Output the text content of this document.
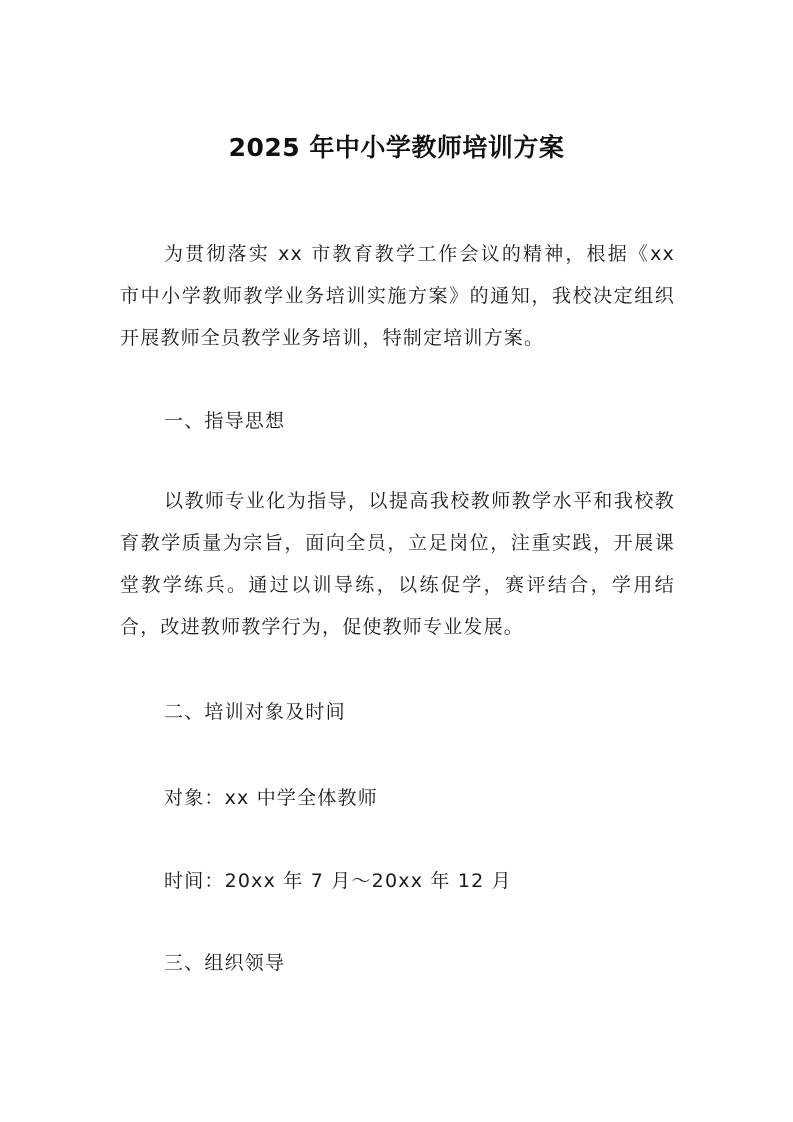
2025 年中小学教师培训方案

为贯彻落实 xx 市教育教学工作会议的精神，根据《xx 市中小学教师教学业务培训实施方案》的通知，我校决定组织开展教师全员教学业务培训，特制定培训方案。

一、指导思想

以教师专业化为指导，以提高我校教师教学水平和我校教育教学质量为宗旨，面向全员，立足岗位，注重实践，开展课堂教学练兵。通过以训导练，以练促学，赛评结合，学用结合，改进教师教学行为，促使教师专业发展。

二、培训对象及时间

对象：xx 中学全体教师

时间：20xx 年 7 月～20xx 年 12 月

三、组织领导
